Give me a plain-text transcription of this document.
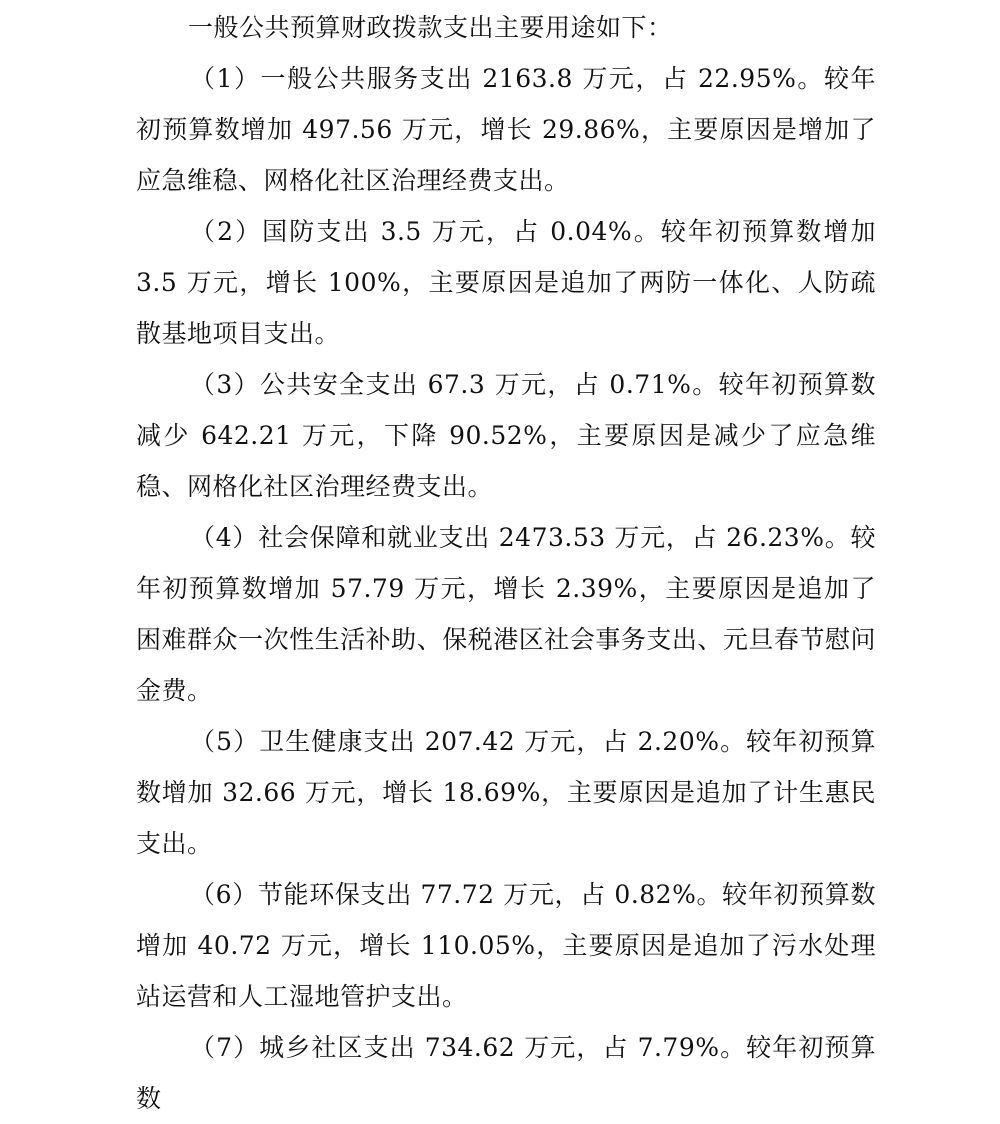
一般公共预算财政拨款支出主要用途如下：

（1）一般公共服务支出 2163.8 万元，占 22.95%。较年初预算数增加 497.56 万元，增长 29.86%，主要原因是增加了应急维稳、网格化社区治理经费支出。

（2）国防支出 3.5 万元，占 0.04%。较年初预算数增加 3.5 万元，增长 100%，主要原因是追加了两防一体化、人防疏散基地项目支出。

（3）公共安全支出 67.3 万元，占 0.71%。较年初预算数减少 642.21 万元，下降 90.52%，主要原因是减少了应急维稳、网格化社区治理经费支出。

（4）社会保障和就业支出 2473.53 万元，占 26.23%。较年初预算数增加 57.79 万元，增长 2.39%，主要原因是追加了困难群众一次性生活补助、保税港区社会事务支出、元旦春节慰问金费。

（5）卫生健康支出 207.42 万元，占 2.20%。较年初预算数增加 32.66 万元，增长 18.69%，主要原因是追加了计生惠民支出。

（6）节能环保支出 77.72 万元，占 0.82%。较年初预算数增加 40.72 万元，增长 110.05%，主要原因是追加了污水处理站运营和人工湿地管护支出。

（7）城乡社区支出 734.62 万元，占 7.79%。较年初预算数
